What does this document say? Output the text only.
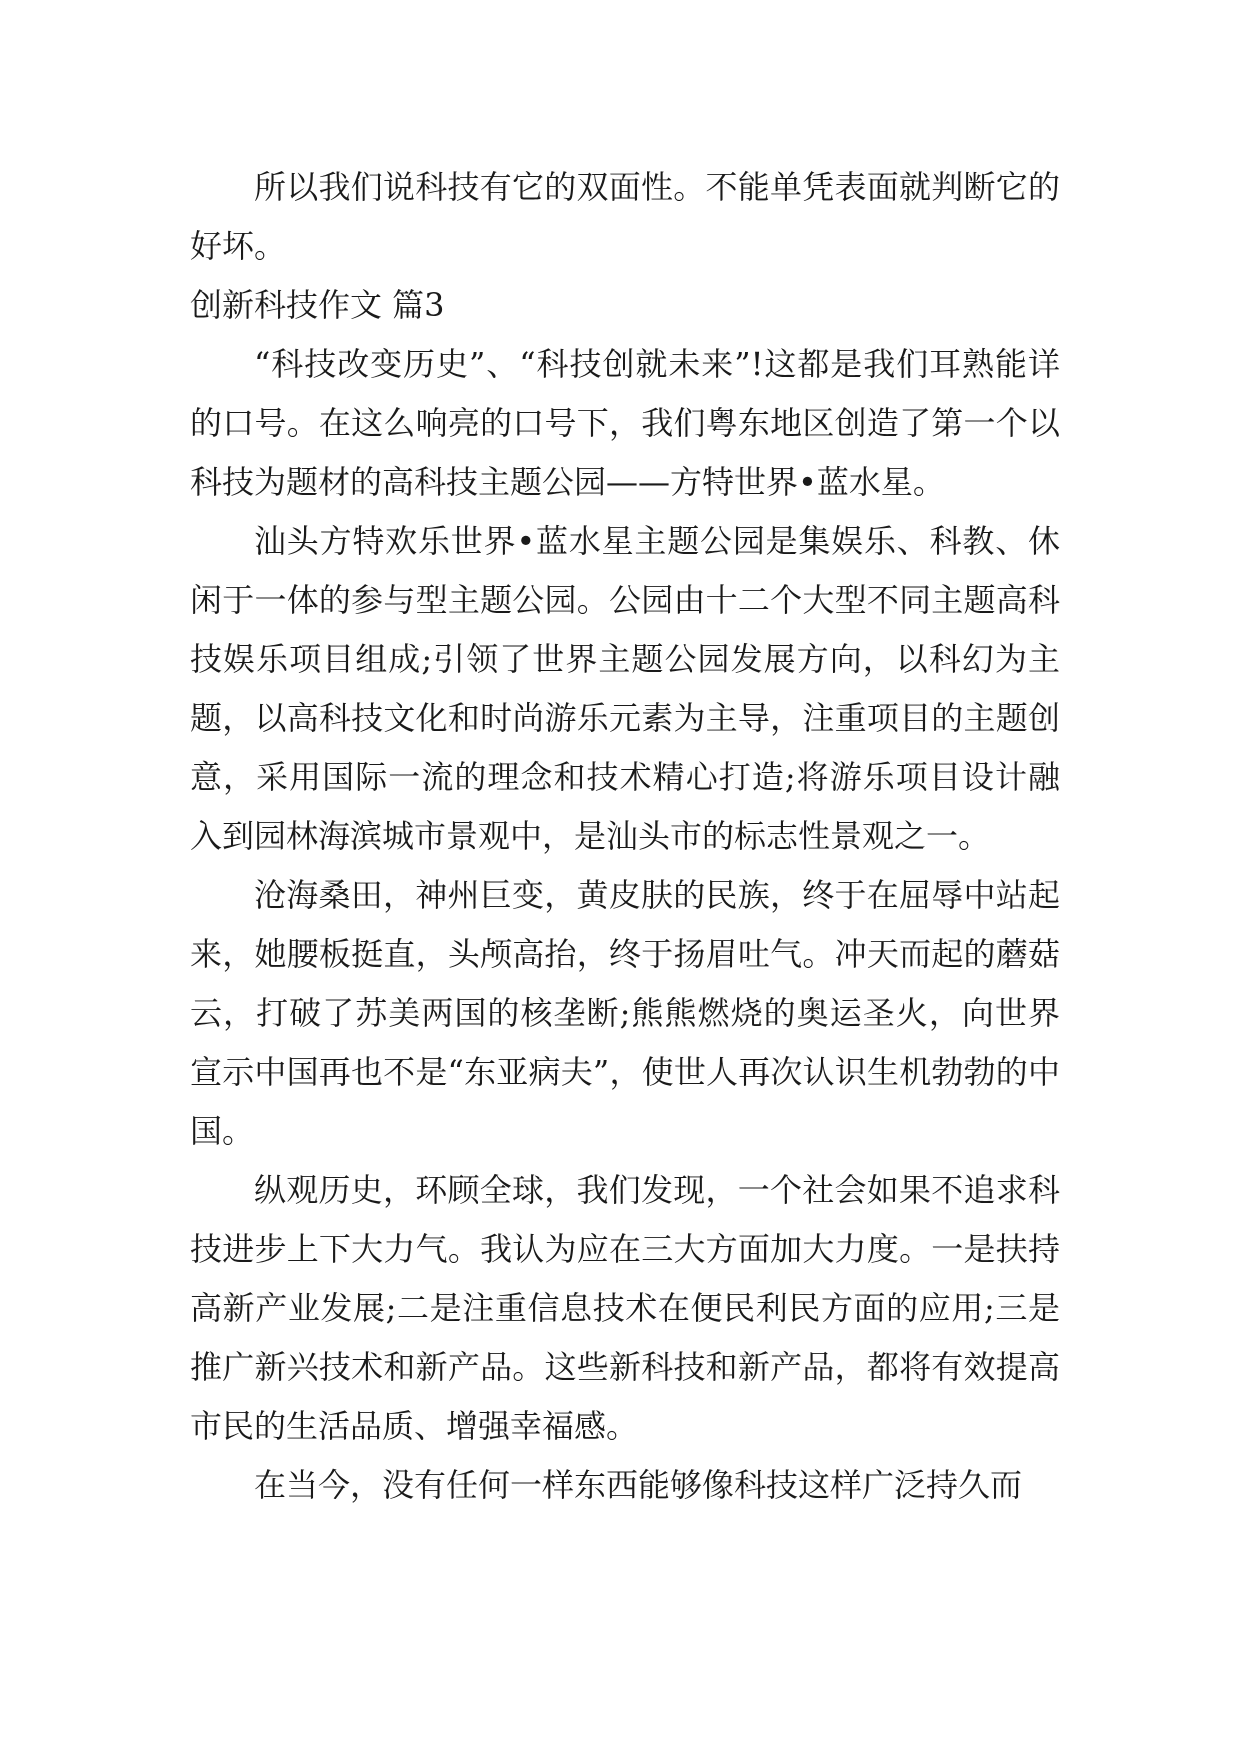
所以我们说科技有它的双面性。不能单凭表面就判断它的好坏。

创新科技作文 篇3

“科技改变历史”、“科技创就未来”!这都是我们耳熟能详的口号。在这么响亮的口号下，我们粤东地区创造了第一个以科技为题材的高科技主题公园——方特世界•蓝水星。

汕头方特欢乐世界•蓝水星主题公园是集娱乐、科教、休闲于一体的参与型主题公园。公园由十二个大型不同主题高科技娱乐项目组成;引领了世界主题公园发展方向，以科幻为主题，以高科技文化和时尚游乐元素为主导，注重项目的主题创意，采用国际一流的理念和技术精心打造;将游乐项目设计融入到园林海滨城市景观中，是汕头市的标志性景观之一。

沧海桑田，神州巨变，黄皮肤的民族，终于在屈辱中站起来，她腰板挺直，头颅高抬，终于扬眉吐气。冲天而起的蘑菇云，打破了苏美两国的核垄断;熊熊燃烧的奥运圣火，向世界宣示中国再也不是“东亚病夫”，使世人再次认识生机勃勃的中国。

纵观历史，环顾全球，我们发现，一个社会如果不追求科技进步上下大力气。我认为应在三大方面加大力度。一是扶持高新产业发展;二是注重信息技术在便民利民方面的应用;三是推广新兴技术和新产品。这些新科技和新产品，都将有效提高市民的生活品质、增强幸福感。

在当今，没有任何一样东西能够像科技这样广泛持久而
